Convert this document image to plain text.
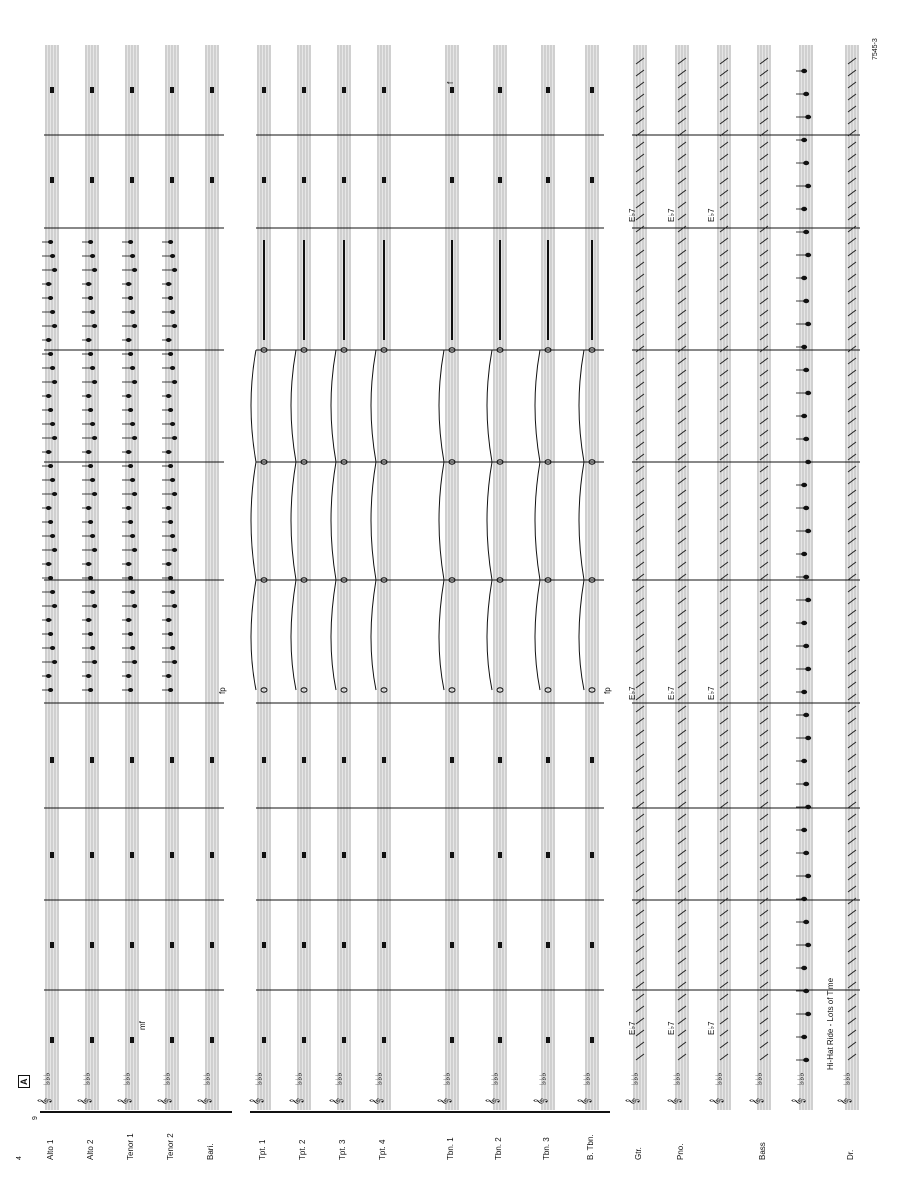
𝄞
♭♭♭
𝄞
♭♭♭
𝄞
♭♭♭
𝄞
♭♭♭
𝄞
♭♭♭
𝄞
♭♭♭
𝄞
♭♭♭
𝄞
♭♭♭
𝄞
♭♭♭
𝄞
♭♭♭
𝄞
♭♭♭
𝄞
♭♭♭
𝄞
♭♭♭
𝄞
♭♭♭
𝄞
♭♭♭
𝄞
♭♭♭
𝄞
♭♭♭
𝄞
♭♭♭
𝄞
♭♭♭
4
A
9
7545-3
Alto 1	Alto 2	Tenor 1	Tenor 2	Bari.	Tpt. 1	Tpt. 2	Tpt. 3	Tpt. 4	Tbn. 1	Tbn. 2	Tbn. 3	B. Tbn.	Gtr.	Pno.	Bass	Dr.
Hi-Hat Ride - Lots of Time
E♭7	E♭7	E♭7
E♭7	E♭7	E♭7
E♭7	E♭7	E♭7
fp	fp
mf
f
